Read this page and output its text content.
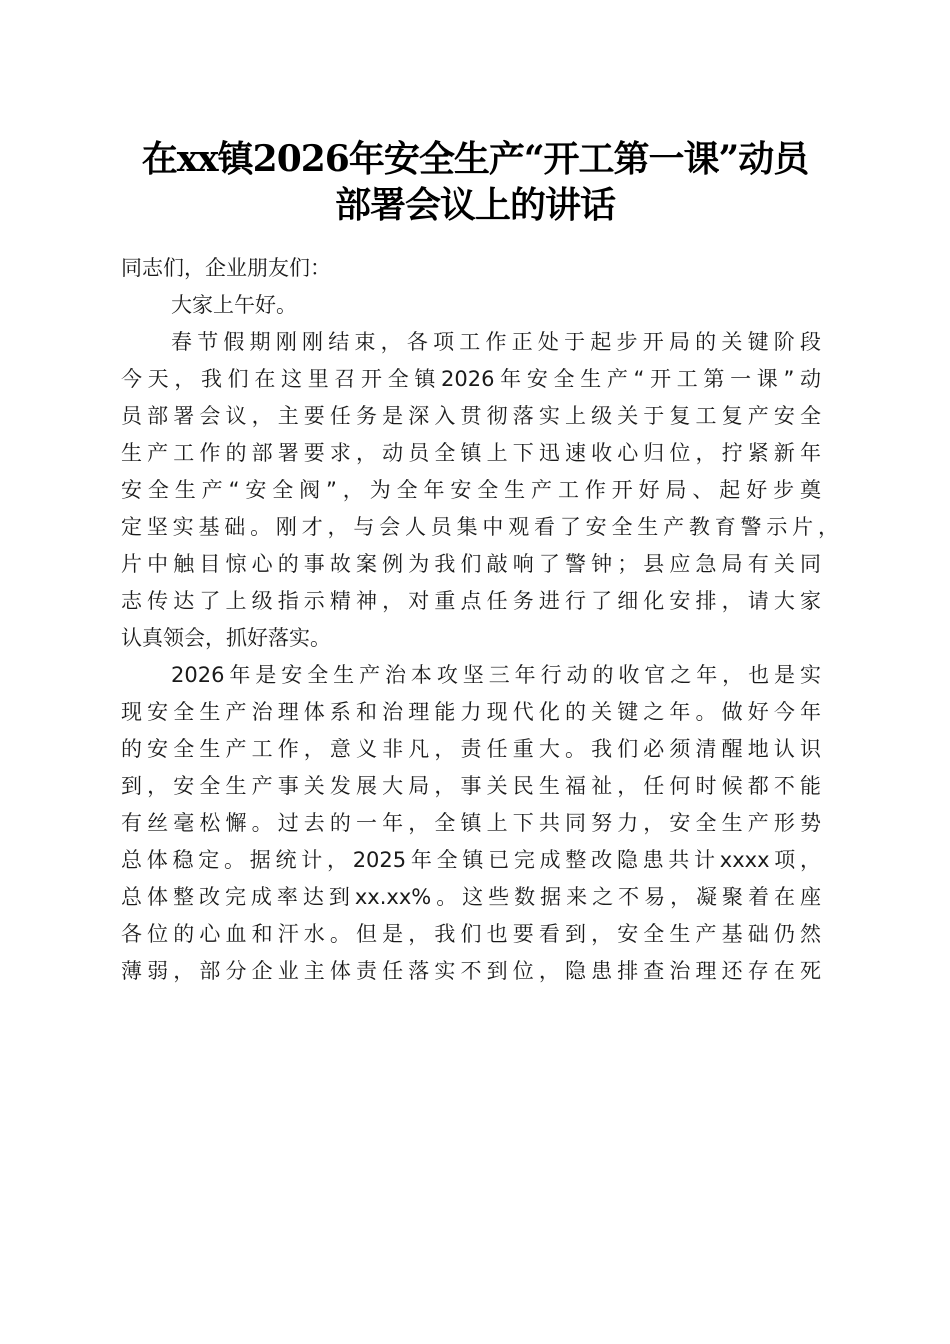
在xx镇2026年安全生产“开工第一课”动员
部署会议上的讲话
同志们，企业朋友们：
大家上午好。
春节假期刚刚结束，各项工作正处于起步开局的关键阶段
今天，我们在这里召开全镇2026年安全生产“开工第一课”动
员部署会议，主要任务是深入贯彻落实上级关于复工复产安全
生产工作的部署要求，动员全镇上下迅速收心归位，拧紧新年
安全生产“安全阀”，为全年安全生产工作开好局、起好步奠
定坚实基础。刚才，与会人员集中观看了安全生产教育警示片，
片中触目惊心的事故案例为我们敲响了警钟；县应急局有关同
志传达了上级指示精神，对重点任务进行了细化安排，请大家
认真领会，抓好落实。
2026年是安全生产治本攻坚三年行动的收官之年，也是实
现安全生产治理体系和治理能力现代化的关键之年。做好今年
的安全生产工作，意义非凡，责任重大。我们必须清醒地认识
到，安全生产事关发展大局，事关民生福祉，任何时候都不能
有丝毫松懈。过去的一年，全镇上下共同努力，安全生产形势
总体稳定。据统计，2025年全镇已完成整改隐患共计xxxx项，
总体整改完成率达到xx.xx%。这些数据来之不易，凝聚着在座
各位的心血和汗水。但是，我们也要看到，安全生产基础仍然
薄弱，部分企业主体责任落实不到位，隐患排查治理还存在死
